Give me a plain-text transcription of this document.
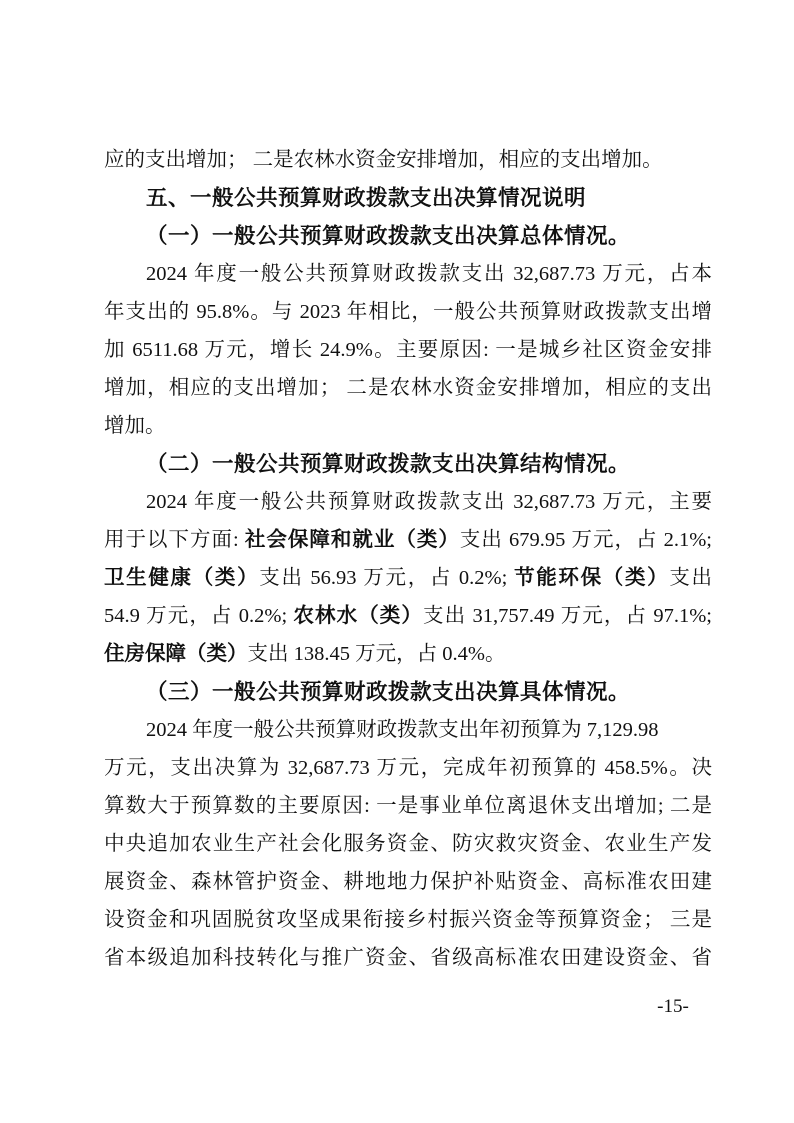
应的支出增加； 二是农林水资金安排增加，相应的支出增加。
五、一般公共预算财政拨款支出决算情况说明
（一）一般公共预算财政拨款支出决算总体情况。
2024 年度一般公共预算财政拨款支出 32,687.73 万元，占本
年支出的 95.8%。与 2023 年相比，一般公共预算财政拨款支出增
加 6511.68 万元，增长 24.9%。主要原因: 一是城乡社区资金安排
增加，相应的支出增加； 二是农林水资金安排增加，相应的支出
增加。
（二）一般公共预算财政拨款支出决算结构情况。
2024 年度一般公共预算财政拨款支出 32,687.73 万元，主要
用于以下方面: 社会保障和就业（类）支出 679.95 万元，占 2.1%;
卫生健康（类）支出 56.93 万元，占 0.2%; 节能环保（类）支出
54.9 万元，占 0.2%; 农林水（类）支出 31,757.49 万元，占 97.1%;
住房保障（类）支出 138.45 万元，占 0.4%。
（三）一般公共预算财政拨款支出决算具体情况。
2024 年度一般公共预算财政拨款支出年初预算为 7,129.98
万元，支出决算为 32,687.73 万元，完成年初预算的 458.5%。决
算数大于预算数的主要原因: 一是事业单位离退休支出增加; 二是
中央追加农业生产社会化服务资金、防灾救灾资金、农业生产发
展资金、森林管护资金、耕地地力保护补贴资金、高标准农田建
设资金和巩固脱贫攻坚成果衔接乡村振兴资金等预算资金； 三是
省本级追加科技转化与推广资金、省级高标准农田建设资金、省
-15-
